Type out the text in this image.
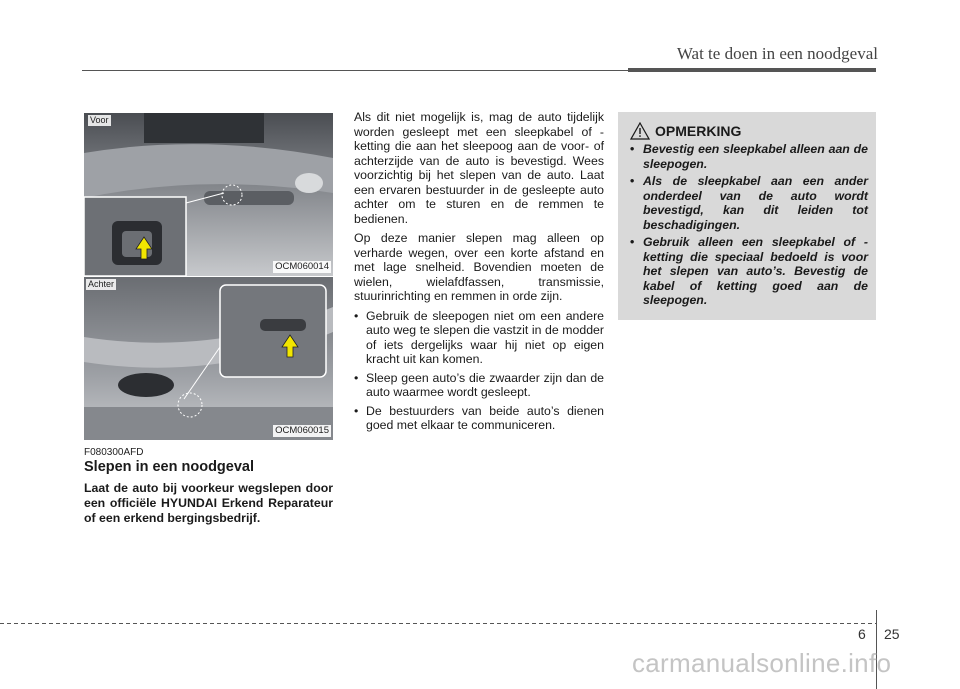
Wat te doen in een noodgeval
Voor
OCM060014
Achter
OCM060015
F080300AFD
Slepen in een noodgeval
Laat de auto bij voorkeur wegslepen door een officiële HYUNDAI Erkend Reparateur of een erkend bergingsbedrijf.

Als dit niet mogelijk is, mag de auto tijdelijk worden gesleept met een sleepkabel of -ketting die aan het sleepoog aan de voor- of achterzijde van de auto is bevestigd. Wees voorzichtig bij het slepen van de auto. Laat een ervaren bestuurder in de gesleepte auto achter om te sturen en de remmen te bedienen.

Op deze manier slepen mag alleen op verharde wegen, over een korte afstand en met lage snelheid. Bovendien moeten de wielen, wielafdfassen, transmissie, stuurinrichting en remmen in orde zijn.

• Gebruik de sleepogen niet om een andere auto weg te slepen die vastzit in de modder of iets dergelijks waar hij niet op eigen kracht uit kan komen.
• Sleep geen auto’s die zwaarder zijn dan de auto waarmee wordt gesleept.
• De bestuurders van beide auto’s dienen goed met elkaar te communiceren.
OPMERKING
• Bevestig een sleepkabel alleen aan de sleepogen.
• Als de sleepkabel aan een ander onderdeel van de auto wordt bevestigd, kan dit leiden tot beschadigingen.
• Gebruik alleen een sleepkabel of -ketting die speciaal bedoeld is voor het slepen van auto’s. Bevestig de kabel of ketting goed aan de sleepogen.
6 25
carmanualsonline.info
